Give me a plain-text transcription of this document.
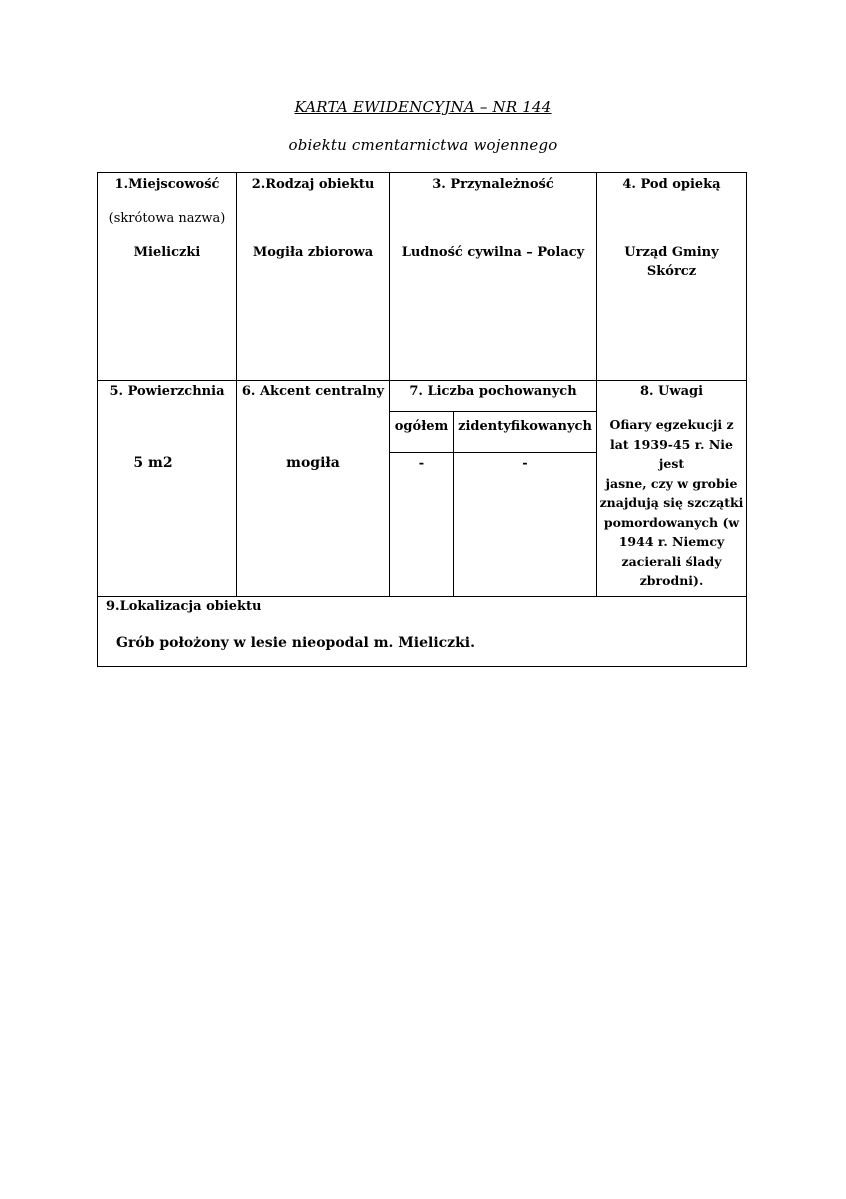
KARTA EWIDENCYJNA – NR 144
obiektu cmentarnictwa wojennego
1.Miejscowość
(skrótowa nazwa)
Mieliczki
2.Rodzaj obiektu
Mogiła zbiorowa
3. Przynależność
Ludność cywilna – Polacy
4. Pod opieką
Urząd Gminy
Skórcz
5. Powierzchnia
5 m2
6. Akcent centralny
mogiła
7. Liczba pochowanych
ogółem zidentyfikowanych
-	-
8. Uwagi
Ofiary egzekucji z
lat 1939-45 r. Nie jest
jasne, czy w grobie
znajdują się szczątki
pomordowanych (w
1944 r. Niemcy
zacierali ślady
zbrodni).
9.Lokalizacja obiektu
Grób położony w lesie nieopodal m. Mieliczki.
